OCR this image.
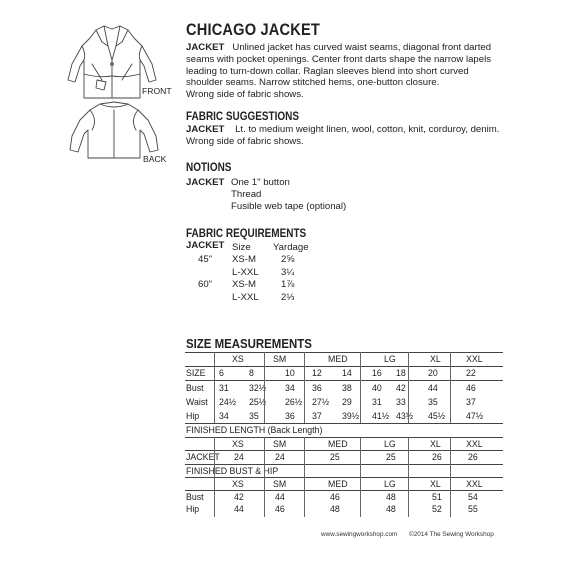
FRONT
BACK
CHICAGO JACKET
JACKET Unlined jacket has curved waist seams, diagonal front darted seams with pocket openings. Center front darts shape the narrow lapels leading to turn-down collar. Raglan sleeves blend into short curved shoulder seams. Narrow stitched hems, one-button closure.
Wrong side of fabric shows.
FABRIC SUGGESTIONS
JACKET Lt. to medium weight linen, wool, cotton, knit, corduroy, denim.
Wrong side of fabric shows.
NOTIONS
JACKET One 1" button
Thread
Fusible web tape (optional)
FABRIC REQUIREMENTS
JACKET Size Yardage
45" XS-M	2⅝
L-XXL 3¼
60" XS-M	1⅞
L-XXL 2⅓
SIZE MEASUREMENTS
XS	SM	MED	LG	XL	XXL
SIZE 6	8	10 12 14 16 18	20	22
Bust 31 32½ 34 36 38 40 42	44	46
Waist 24½ 25½ 26½ 27½ 29 31 33	35	37
Hip 34 35	36 37 39½ 41½ 43½ 45½ 47½
FINISHED LENGTH (Back Length)
XS	SM	MED	LG	XL	XXL
JACKET 24	24	25	25	26	26
FINISHED BUST & HIP
XS	SM	MED	LG	XL	XXL
Bust	42	44	46	48	51	54
Hip	44	46	48	48	52	55
www.sewingworkshop.com ©2014 The Sewing Workshop
